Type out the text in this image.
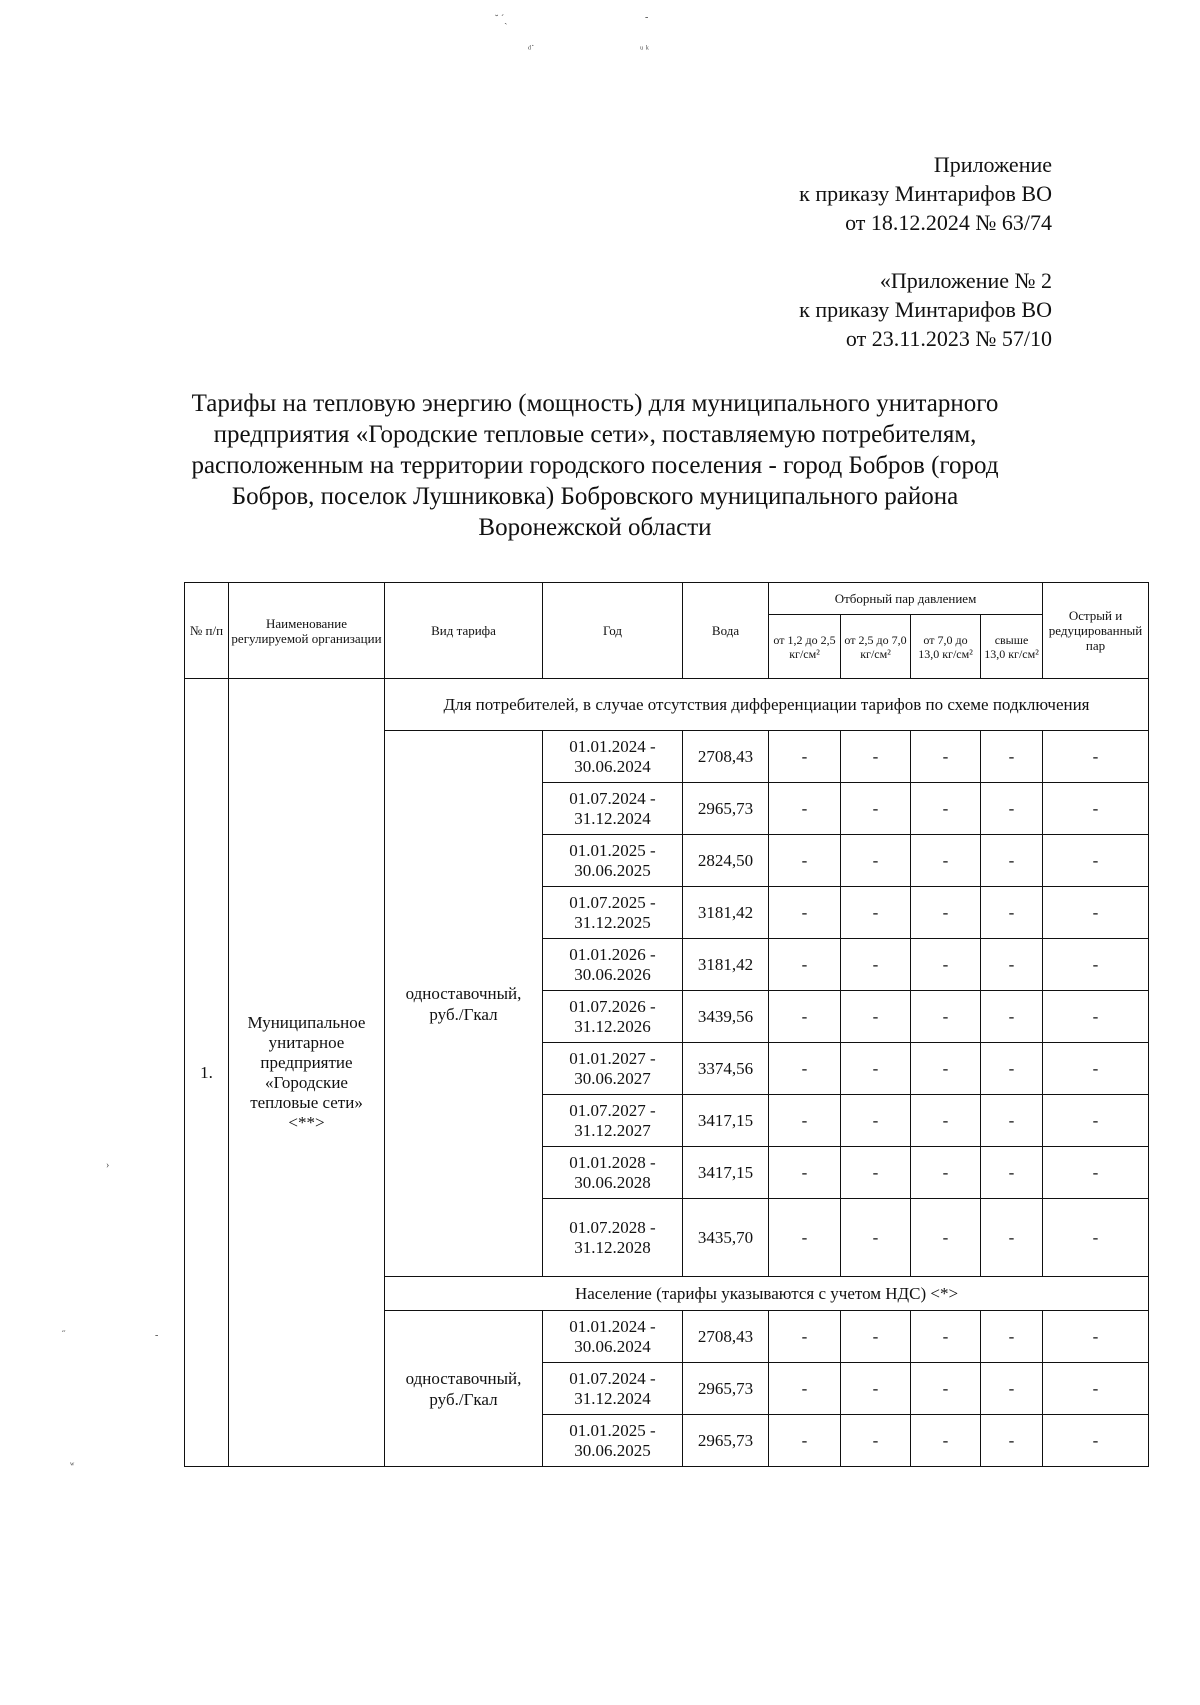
˘ ´ˏ	-
ᵈ˙	ᵘ ᵏ
›
˝	-
ʷ
Приложение
к приказу Минтарифов ВО
от 18.12.2024 № 63/74
«Приложение № 2
к приказу Минтарифов ВО
от 23.11.2023 № 57/10
Тарифы на тепловую энергию (мощность) для муниципального унитарного
предприятия «Городские тепловые сети», поставляемую потребителям,
расположенным на территории городского поселения - город Бобров (город
Бобров, поселок Лушниковка) Бобровского муниципального района
Воронежской области
№ п/п	Наименование регулируемой организации	Вид тарифа	Год	Вода	Отборный пар давлением				Острый и редуцированный пар
					от 1,2 до 2,5 кг/см²	от 2,5 до 7,0 кг/см²	от 7,0 до 13,0 кг/см²	свыше 13,0 кг/см²	
1.	Муниципальное унитарное предприятие «Городские тепловые сети» <**>	Для потребителей, в случае отсутствия дифференциации тарифов по схеме подключения							
		одноставочный, руб./Гкал	01.01.2024 - 30.06.2024	2708,43	-	-	-	-	-
			01.07.2024 - 31.12.2024	2965,73	-	-	-	-	-
			01.01.2025 - 30.06.2025	2824,50	-	-	-	-	-
			01.07.2025 - 31.12.2025	3181,42	-	-	-	-	-
			01.01.2026 - 30.06.2026	3181,42	-	-	-	-	-
			01.07.2026 - 31.12.2026	3439,56	-	-	-	-	-
			01.01.2027 - 30.06.2027	3374,56	-	-	-	-	-
			01.07.2027 - 31.12.2027	3417,15	-	-	-	-	-
			01.01.2028 - 30.06.2028	3417,15	-	-	-	-	-
			01.07.2028 - 31.12.2028	3435,70	-	-	-	-	-
		Население (тарифы указываются с учетом НДС) <*>							
		одноставочный, руб./Гкал	01.01.2024 - 30.06.2024	2708,43	-	-	-	-	-
			01.07.2024 - 31.12.2024	2965,73	-	-	-	-	-
			01.01.2025 - 30.06.2025	2965,73	-	-	-	-	-
